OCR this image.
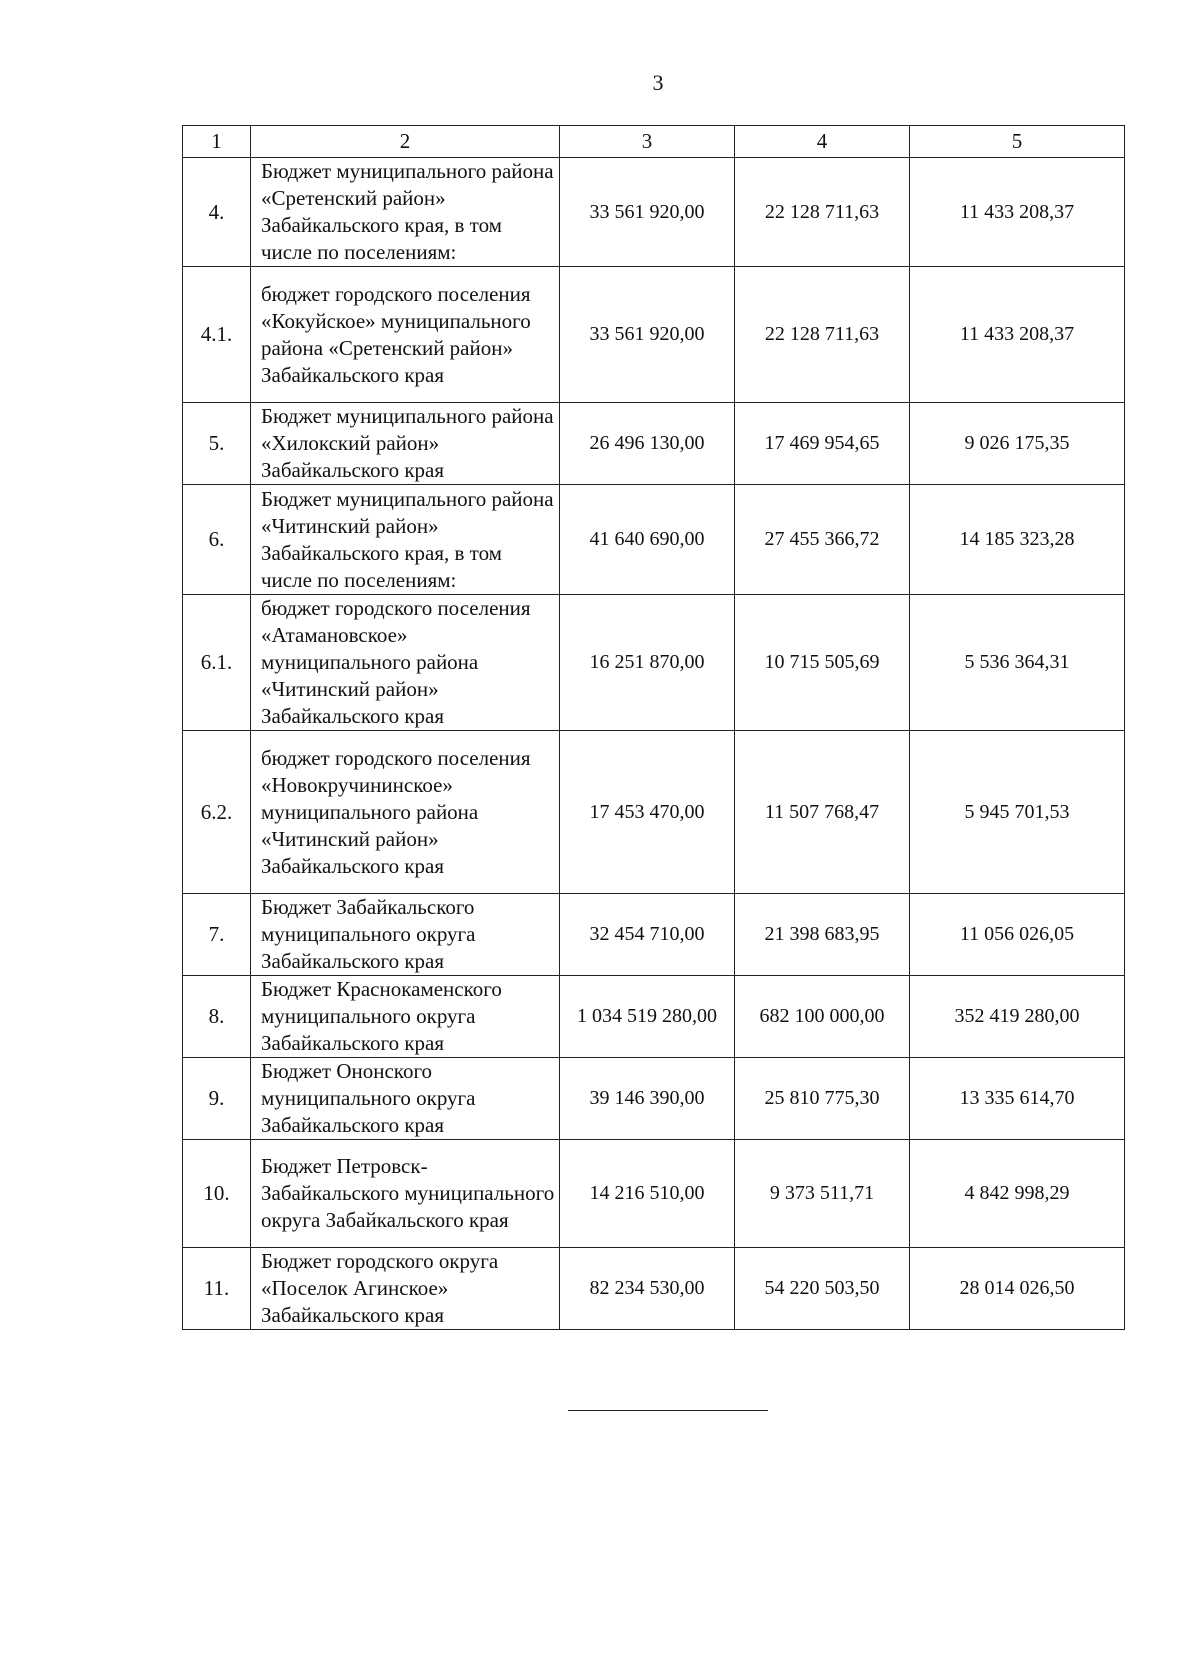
3
1	2	3	4	5
4.	Бюджет муниципального района «Сретенский район» Забайкальского края, в том числе по поселениям:	33 561 920,00	22 128 711,63	11 433 208,37
4.1.	бюджет городского поселения «Кокуйское» муниципального района «Сретенский район» Забайкальского края	33 561 920,00	22 128 711,63	11 433 208,37
5.	Бюджет муниципального района «Хилокский район» Забайкальского края	26 496 130,00	17 469 954,65	9 026 175,35
6.	Бюджет муниципального района «Читинский район» Забайкальского края, в том числе по поселениям:	41 640 690,00	27 455 366,72	14 185 323,28
6.1.	бюджет городского поселения «Атамановское» муниципального района «Читинский район» Забайкальского края	16 251 870,00	10 715 505,69	5 536 364,31
6.2.	бюджет городского поселения «Новокручининское» муниципального района «Читинский район» Забайкальского края	17 453 470,00	11 507 768,47	5 945 701,53
7.	Бюджет Забайкальского муниципального округа Забайкальского края	32 454 710,00	21 398 683,95	11 056 026,05
8.	Бюджет Краснокаменского муниципального округа Забайкальского края	1 034 519 280,00	682 100 000,00	352 419 280,00
9.	Бюджет Ононского муниципального округа Забайкальского края	39 146 390,00	25 810 775,30	13 335 614,70
10.	Бюджет Петровск-Забайкальского муниципального округа Забайкальского края	14 216 510,00	9 373 511,71	4 842 998,29
11.	Бюджет городского округа «Поселок Агинское» Забайкальского края	82 234 530,00	54 220 503,50	28 014 026,50
